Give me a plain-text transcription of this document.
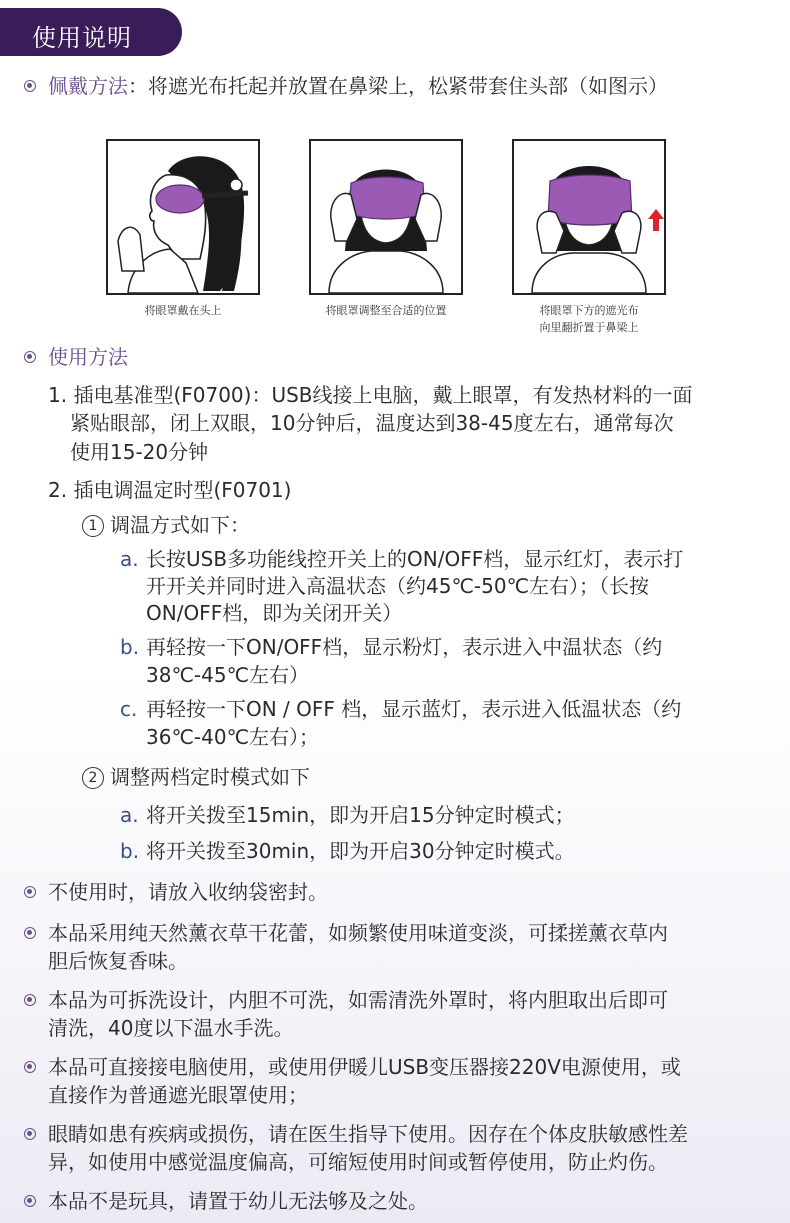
使用说明
佩戴方法：将遮光布托起并放置在鼻梁上，松紧带套住头部（如图示）
将眼罩戴在头上	将眼罩调整至合适的位置	将眼罩下方的遮光布
向里翻折置于鼻梁上
使用方法
1. 插电基准型(F0700)：USB线接上电脑，戴上眼罩，有发热材料的一面
紧贴眼部，闭上双眼，10分钟后，温度达到38-45度左右，通常每次
使用15-20分钟
2. 插电调温定时型(F0701)
1 调温方式如下：
a. 长按USB多功能线控开关上的ON/OFF档，显示红灯，表示打
开开关并同时进入高温状态（约45℃-50℃左右）；（长按
ON/OFF档，即为关闭开关）
b. 再轻按一下ON/OFF档，显示粉灯，表示进入中温状态（约
38℃-45℃左右）
c. 再轻按一下ON / OFF 档，显示蓝灯，表示进入低温状态（约
36℃-40℃左右）；
2 调整两档定时模式如下
a. 将开关拨至15min，即为开启15分钟定时模式；
b. 将开关拨至30min，即为开启30分钟定时模式。
不使用时，请放入收纳袋密封。
本品采用纯天然薰衣草干花蕾，如频繁使用味道变淡，可揉搓薰衣草内
胆后恢复香味。
本品为可拆洗设计，内胆不可洗，如需清洗外罩时，将内胆取出后即可
清洗，40度以下温水手洗。
本品可直接接电脑使用，或使用伊暖儿USB变压器接220V电源使用，或
直接作为普通遮光眼罩使用；
眼睛如患有疾病或损伤，请在医生指导下使用。因存在个体皮肤敏感性差
异，如使用中感觉温度偏高，可缩短使用时间或暂停使用，防止灼伤。
本品不是玩具，请置于幼儿无法够及之处。
